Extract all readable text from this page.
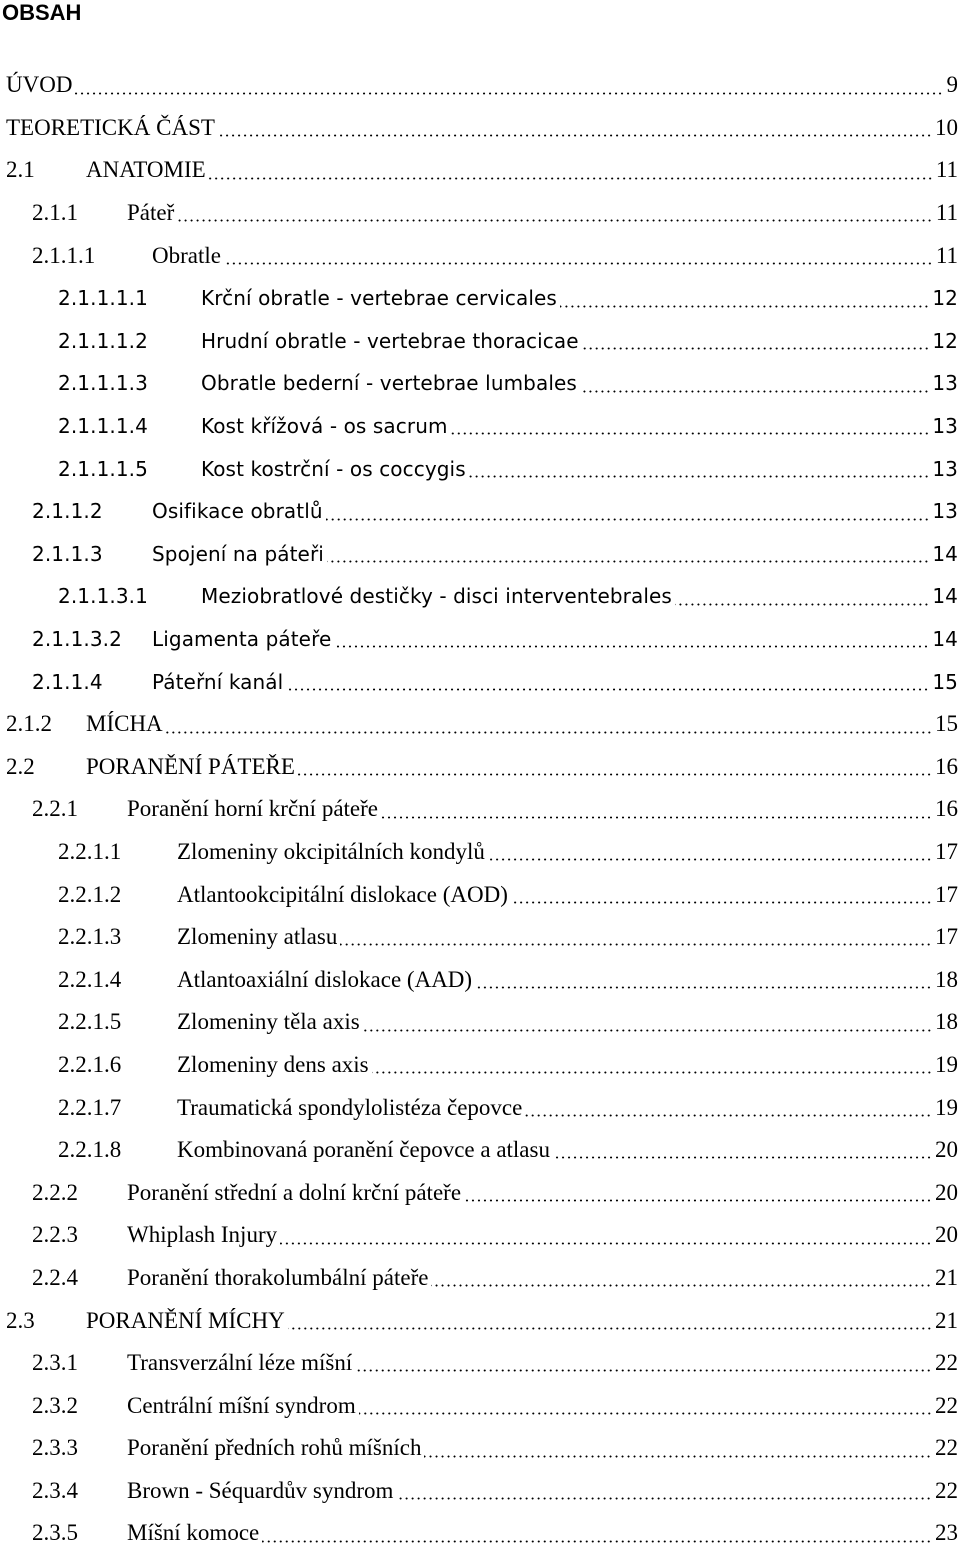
OBSAH
ÚVOD	9
TEORETICKÁ ČÁST	10
2.1	ANATOMIE	11
2.1.1	Páteř	11
2.1.1.1	Obratle	11
2.1.1.1.1	Krční obratle - vertebrae cervicales	12
2.1.1.1.2	Hrudní obratle - vertebrae thoracicae	12
2.1.1.1.3	Obratle bederní - vertebrae lumbales	13
2.1.1.1.4	Kost křížová - os sacrum	13
2.1.1.1.5	Kost kostrční - os coccygis	13
2.1.1.2	Osifikace obratlů	13
2.1.1.3	Spojení na páteři	14
2.1.1.3.1	Meziobratlové destičky - disci interventebrales	14
2.1.1.3.2	Ligamenta páteře	14
2.1.1.4	Páteřní kanál	15
2.1.2	MÍCHA	15
2.2	PORANĚNÍ PÁTEŘE	16
2.2.1	Poranění horní krční páteře	16
2.2.1.1	Zlomeniny okcipitálních kondylů	17
2.2.1.2	Atlantookcipitální dislokace (AOD)	17
2.2.1.3	Zlomeniny atlasu	17
2.2.1.4	Atlantoaxiální dislokace (AAD)	18
2.2.1.5	Zlomeniny těla axis	18
2.2.1.6	Zlomeniny dens axis	19
2.2.1.7	Traumatická spondylolistéza čepovce	19
2.2.1.8	Kombinovaná poranění čepovce a atlasu	20
2.2.2	Poranění střední a dolní krční páteře	20
2.2.3	Whiplash Injury	20
2.2.4	Poranění thorakolumbální páteře	21
2.3	PORANĚNÍ MÍCHY	21
2.3.1	Transverzální léze míšní	22
2.3.2	Centrální míšní syndrom	22
2.3.3	Poranění předních rohů míšních	22
2.3.4	Brown - Séquardův syndrom	22
2.3.5	Míšní komoce	23
